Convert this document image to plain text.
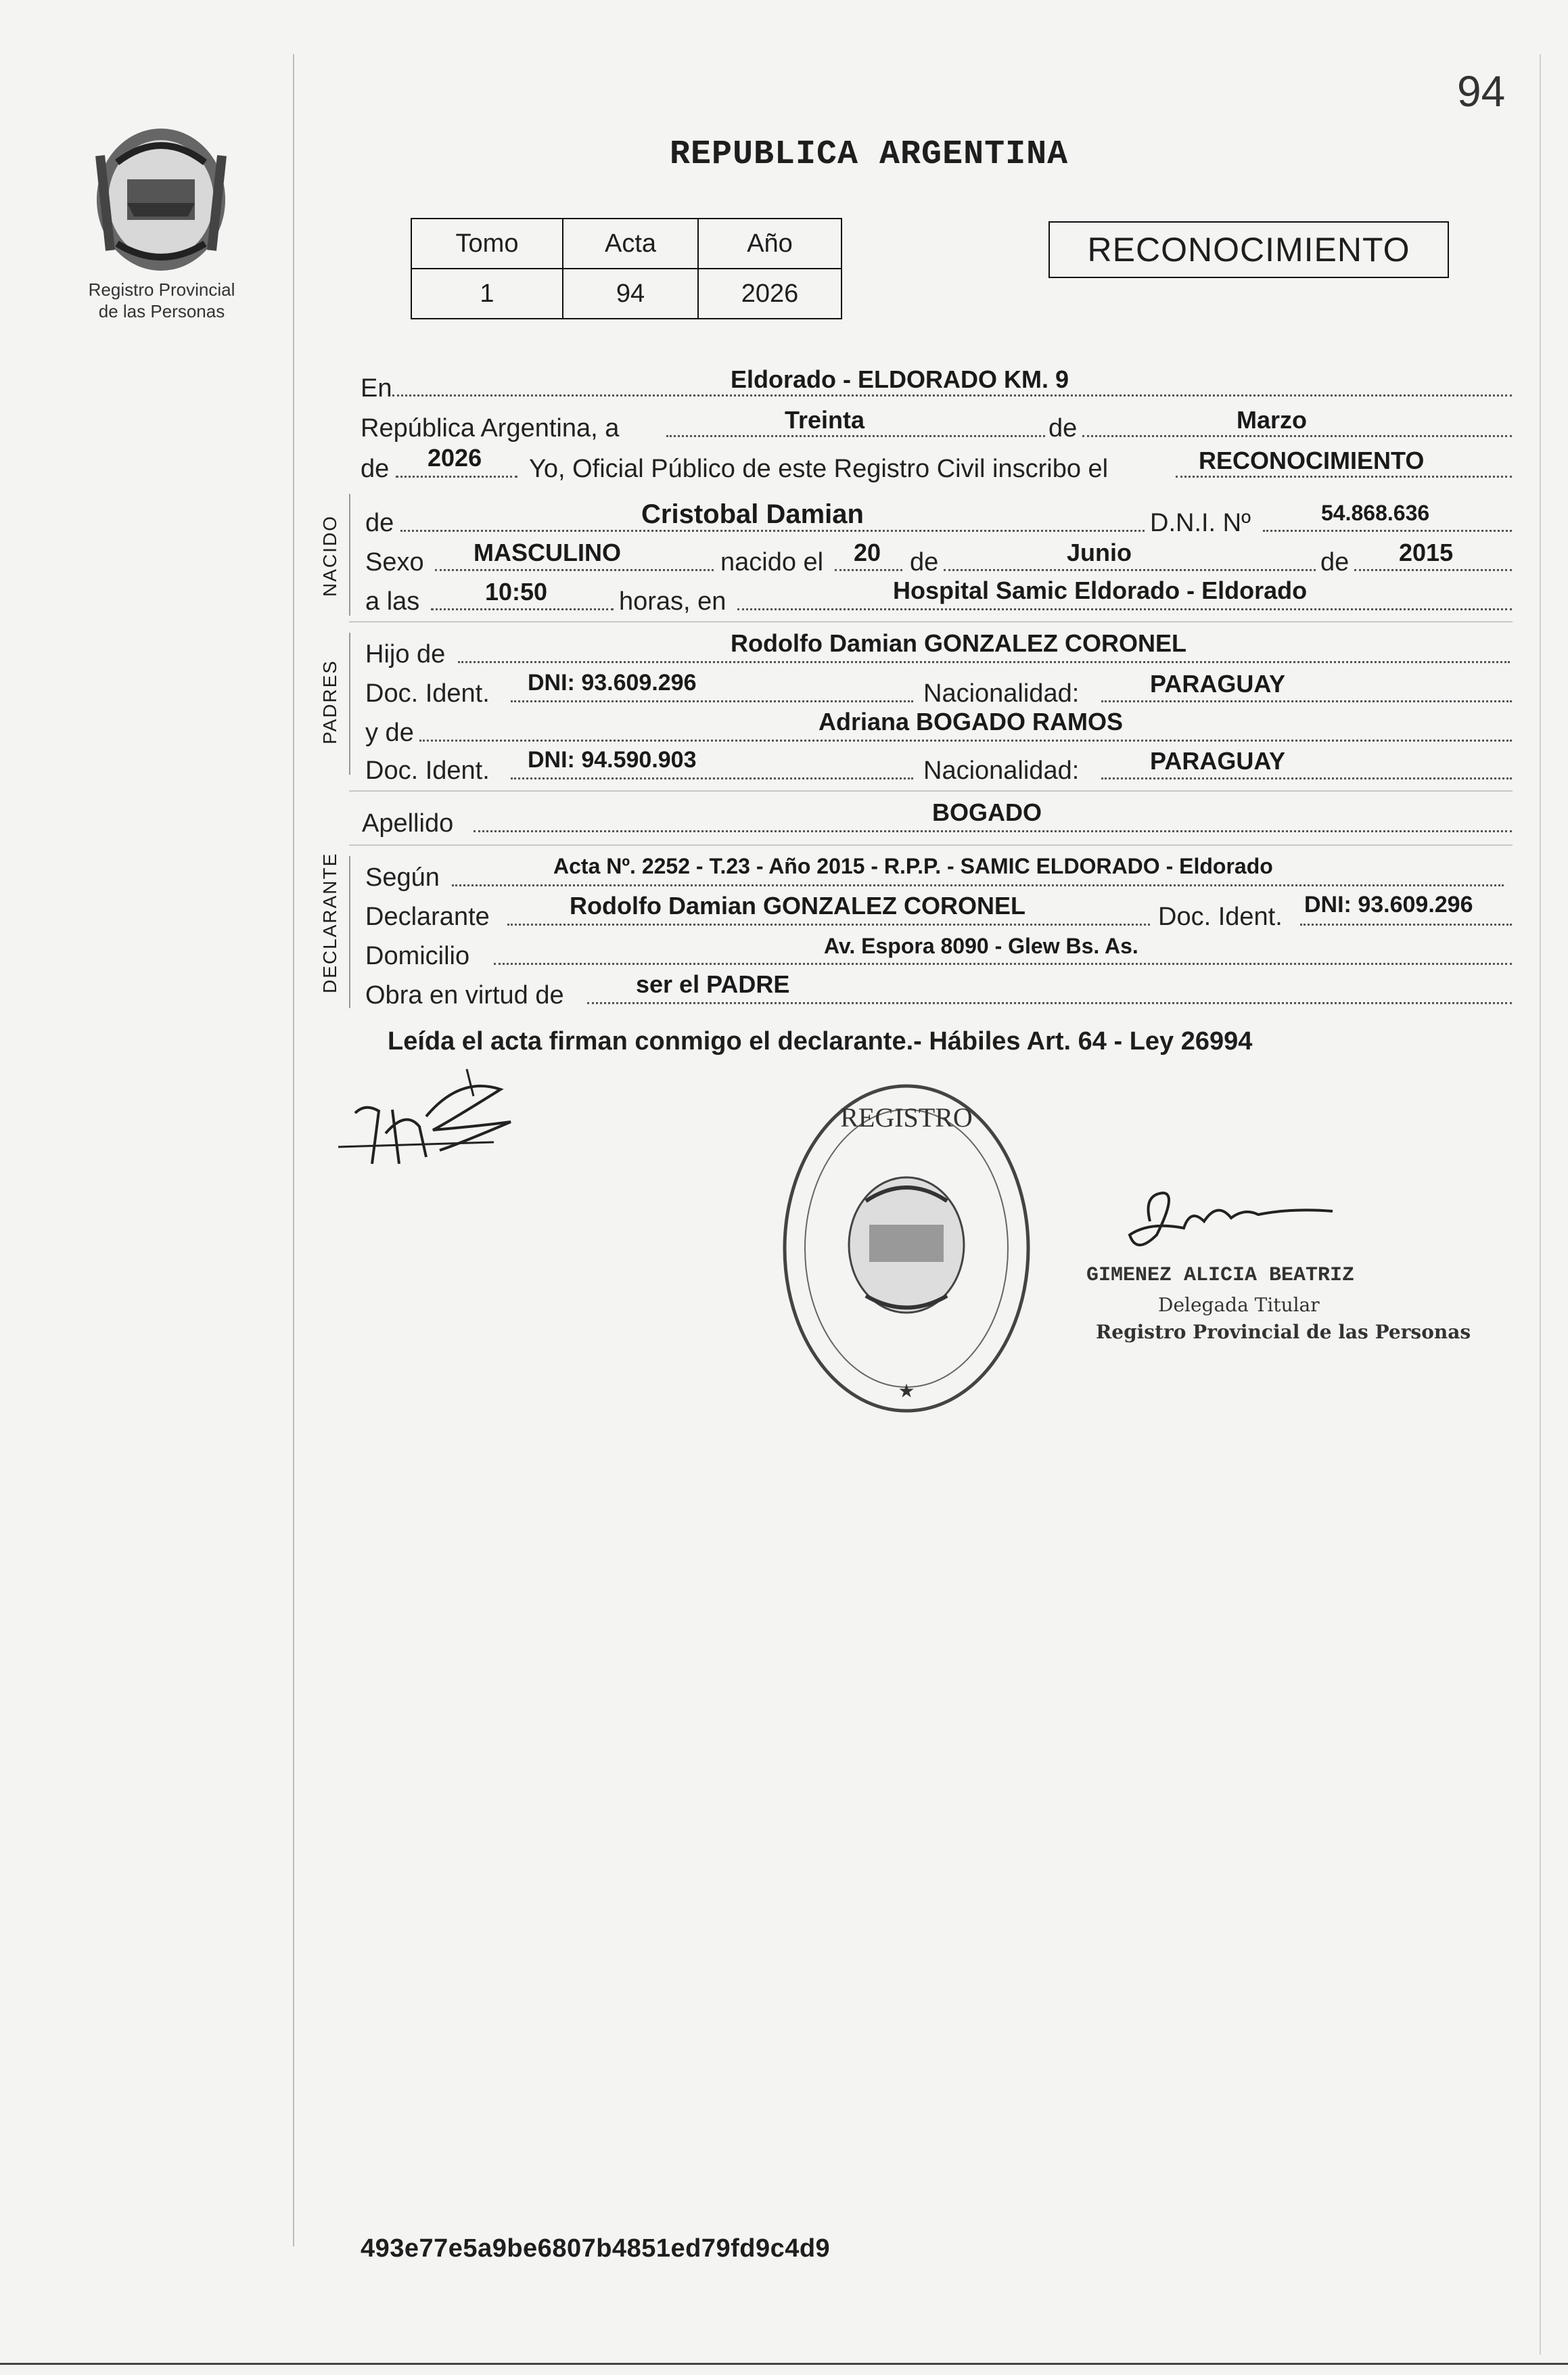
94
Registro Provincial
de las Personas
REPUBLICA ARGENTINA
Tomo	Acta	Año
1	94	2026
RECONOCIMIENTO
En	Eldorado - ELDORADO KM. 9
República Argentina, a	Treinta	de	Marzo
de 2026 Yo, Oficial Público de este Registro Civil inscribo el	RECONOCIMIENTO
NACIDO de	Cristobal Damian	D.N.I. Nº	54.868.636
Sexo MASCULINO	nacido el 20 de	Junio	de 2015
a las	10:50	horas, en	Hospital Samic Eldorado - Eldorado
PADRES
Hijo de	Rodolfo Damian GONZALEZ CORONEL
Doc. Ident. DNI: 93.609.296	Nacionalidad:	PARAGUAY
y de	Adriana BOGADO RAMOS
Doc. Ident. DNI: 94.590.903	Nacionalidad:	PARAGUAY
Apellido	BOGADO
DECLARANTE Según	Acta Nº. 2252 - T.23 - Año 2015 - R.P.P. - SAMIC ELDORADO - Eldorado
Declarante	Rodolfo Damian GONZALEZ CORONEL	Doc. Ident. DNI: 93.609.296
Domicilio	Av. Espora 8090 - Glew Bs. As.
Obra en virtud de	ser el PADRE
Leída el acta firman conmigo el declarante.- Hábiles Art. 64 - Ley 26994
REGISTRO
★
GIMENEZ ALICIA BEATRIZ
Delegada Titular
Registro Provincial de las Personas
493e77e5a9be6807b4851ed79fd9c4d9
